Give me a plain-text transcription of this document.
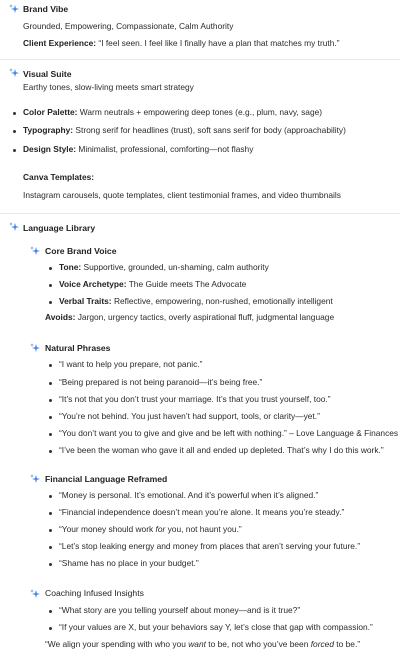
Brand Vibe
Grounded, Empowering, Compassionate, Calm Authority
Client Experience: “I feel seen. I feel like I finally have a plan that matches my truth.”
Visual Suite
Earthy tones, slow-living meets smart strategy
Color Palette: Warm neutrals + empowering deep tones (e.g., plum, navy, sage)
Typography: Strong serif for headlines (trust), soft sans serif for body (approachability)
Design Style: Minimalist, professional, comforting—not flashy
Canva Templates:
Instagram carousels, quote templates, client testimonial frames, and video thumbnails
Language Library
Core Brand Voice
Tone: Supportive, grounded, un-shaming, calm authority
Voice Archetype: The Guide meets The Advocate
Verbal Traits: Reflective, empowering, non-rushed, emotionally intelligent
Avoids: Jargon, urgency tactics, overly aspirational fluff, judgmental language
Natural Phrases
“I want to help you prepare, not panic.”
“Being prepared is not being paranoid—it’s being free.”
“It’s not that you don’t trust your marriage. It’s that you trust yourself, too.”
“You’re not behind. You just haven’t had support, tools, or clarity—yet.”
“You don’t want you to give and give and be left with nothing.” – Love Language & Finances
“I’ve been the woman who gave it all and ended up depleted. That’s why I do this work.”
Financial Language Reframed
“Money is personal. It’s emotional. And it’s powerful when it’s aligned.”
“Financial independence doesn’t mean you’re alone. It means you’re steady.”
“Your money should work for you, not haunt you.”
“Let’s stop leaking energy and money from places that aren’t serving your future.”
“Shame has no place in your budget.”
Coaching Infused Insights
“What story are you telling yourself about money—and is it true?”
“If your values are X, but your behaviors say Y, let’s close that gap with compassion.”
“We align your spending with who you want to be, not who you’ve been forced to be.”
